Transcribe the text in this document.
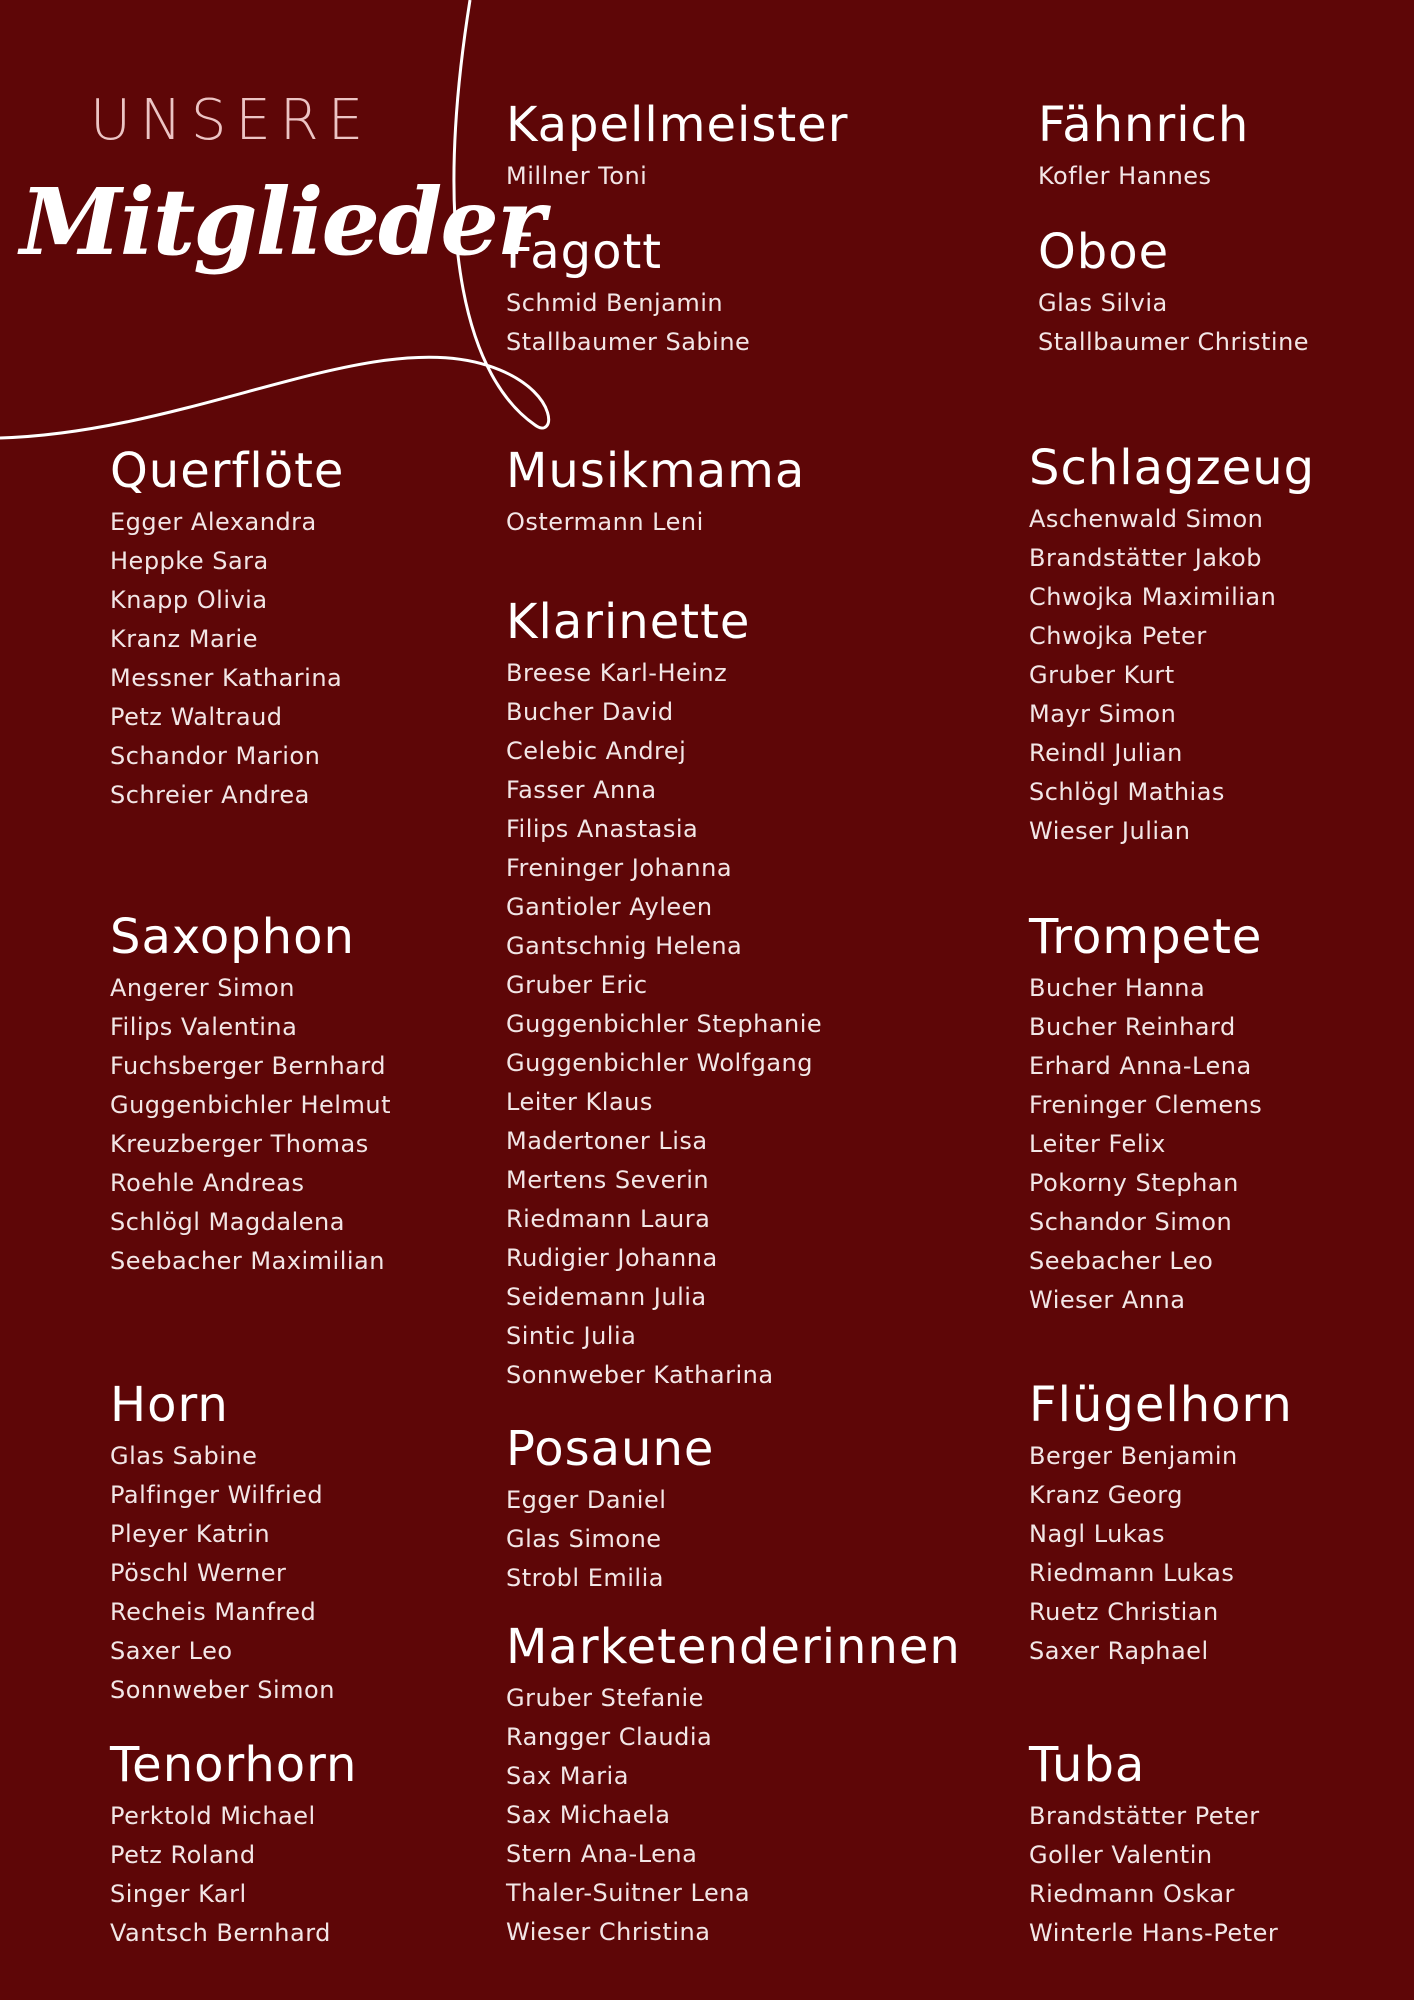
UNSERE
Mitglieder
Kapellmeister
Millner Toni
Fähnrich
Kofler Hannes
Fagott
Schmid Benjamin
Stallbaumer Sabine
Oboe
Glas Silvia
Stallbaumer Christine
Querflöte
Egger Alexandra
Heppke Sara
Knapp Olivia
Kranz Marie
Messner Katharina
Petz Waltraud
Schandor Marion
Schreier Andrea
Musikmama
Ostermann Leni
Schlagzeug
Aschenwald Simon
Brandstätter Jakob
Chwojka Maximilian
Chwojka Peter
Gruber Kurt
Mayr Simon
Reindl Julian
Schlögl Mathias
Wieser Julian
Klarinette
Breese Karl-Heinz
Bucher David
Celebic Andrej
Fasser Anna
Filips Anastasia
Freninger Johanna
Gantioler Ayleen
Gantschnig Helena
Gruber Eric
Guggenbichler Stephanie
Guggenbichler Wolfgang
Leiter Klaus
Madertoner Lisa
Mertens Severin
Riedmann Laura
Rudigier Johanna
Seidemann Julia
Sintic Julia
Sonnweber Katharina
Saxophon
Angerer Simon
Filips Valentina
Fuchsberger Bernhard
Guggenbichler Helmut
Kreuzberger Thomas
Roehle Andreas
Schlögl Magdalena
Seebacher Maximilian
Trompete
Bucher Hanna
Bucher Reinhard
Erhard Anna-Lena
Freninger Clemens
Leiter Felix
Pokorny Stephan
Schandor Simon
Seebacher Leo
Wieser Anna
Horn
Glas Sabine
Palfinger Wilfried
Pleyer Katrin
Pöschl Werner
Recheis Manfred
Saxer Leo
Sonnweber Simon
Posaune
Egger Daniel
Glas Simone
Strobl Emilia
Flügelhorn
Berger Benjamin
Kranz Georg
Nagl Lukas
Riedmann Lukas
Ruetz Christian
Saxer Raphael
Marketenderinnen
Gruber Stefanie
Rangger Claudia
Sax Maria
Sax Michaela
Stern Ana-Lena
Thaler-Suitner Lena
Wieser Christina
Tenorhorn
Perktold Michael
Petz Roland
Singer Karl
Vantsch Bernhard
Tuba
Brandstätter Peter
Goller Valentin
Riedmann Oskar
Winterle Hans-Peter
